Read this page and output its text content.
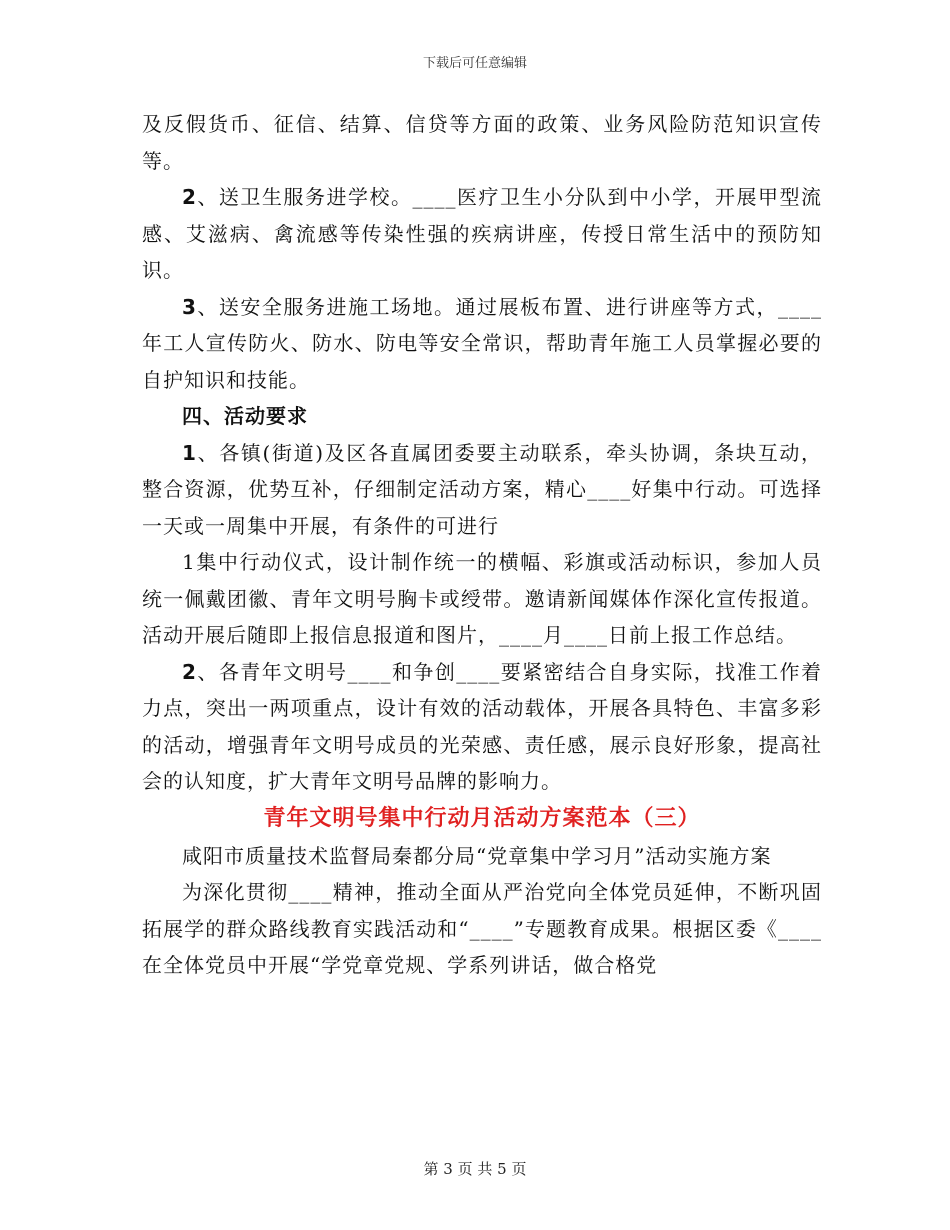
下载后可任意编辑

及反假货币、征信、结算、信贷等方面的政策、业务风险防范知识宣传等。

2、送卫生服务进学校。____医疗卫生小分队到中小学，开展甲型流感、艾滋病、禽流感等传染性强的疾病讲座，传授日常生活中的预防知识。

3、送安全服务进施工场地。通过展板布置、进行讲座等方式，____年工人宣传防火、防水、防电等安全常识，帮助青年施工人员掌握必要的自护知识和技能。

四、活动要求

1、各镇(街道)及区各直属团委要主动联系，牵头协调，条块互动，整合资源，优势互补，仔细制定活动方案，精心____好集中行动。可选择一天或一周集中开展，有条件的可进行

1集中行动仪式，设计制作统一的横幅、彩旗或活动标识，参加人员统一佩戴团徽、青年文明号胸卡或绶带。邀请新闻媒体作深化宣传报道。活动开展后随即上报信息报道和图片，____月____日前上报工作总结。

2、各青年文明号____和争创____要紧密结合自身实际，找准工作着力点，突出一两项重点，设计有效的活动载体，开展各具特色、丰富多彩的活动，增强青年文明号成员的光荣感、责任感，展示良好形象，提高社会的认知度，扩大青年文明号品牌的影响力。

青年文明号集中行动月活动方案范本（三）

咸阳市质量技术监督局秦都分局“党章集中学习月”活动实施方案

为深化贯彻____精神，推动全面从严治党向全体党员延伸，不断巩固拓展学的群众路线教育实践活动和“____”专题教育成果。根据区委《____在全体党员中开展“学党章党规、学系列讲话，做合格党

第 3 页 共 5 页
